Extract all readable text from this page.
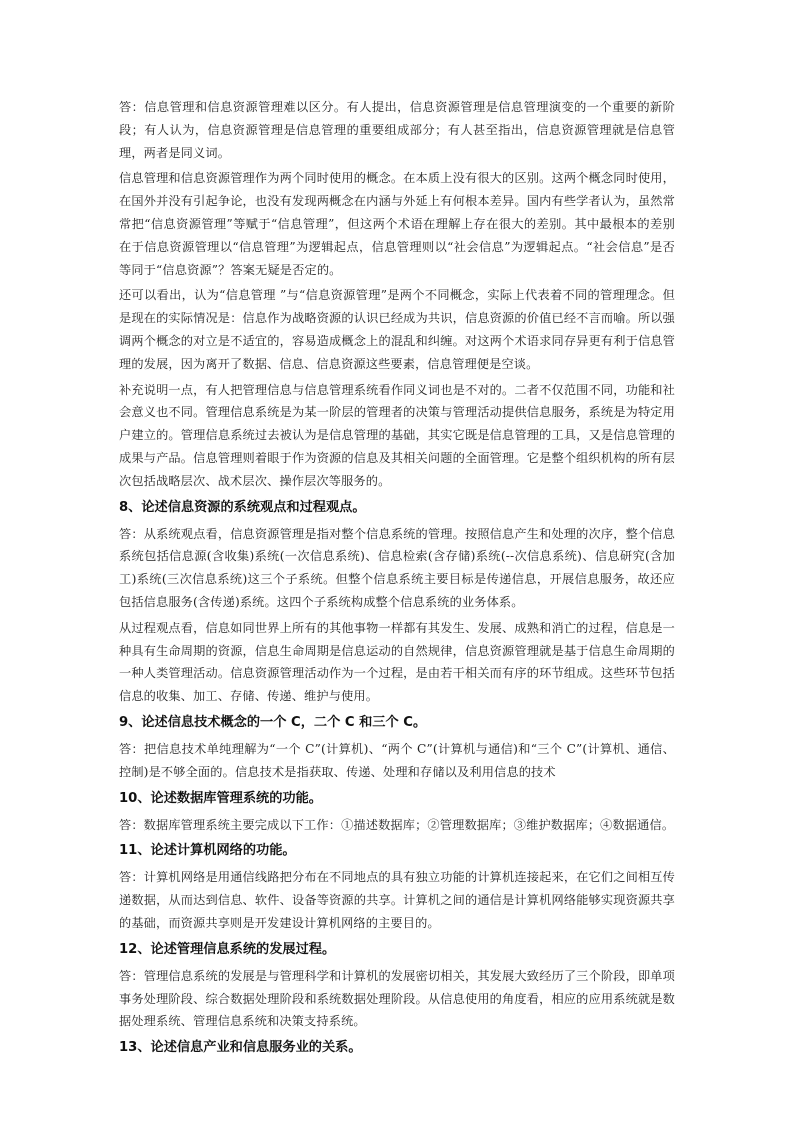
答：信息管理和信息资源管理难以区分。有人提出，信息资源管理是信息管理演变的一个重要的新阶段；有人认为，信息资源管理是信息管理的重要组成部分；有人甚至指出，信息资源管理就是信息管理，两者是同义词。

信息管理和信息资源管理作为两个同时使用的概念。在本质上没有很大的区别。这两个概念同时使用，在国外并没有引起争论，也没有发现两概念在内涵与外延上有何根本差异。国内有些学者认为，虽然常常把“信息资源管理”等赋于“信息管理”，但这两个术语在理解上存在很大的差别。其中最根本的差别在于信息资源管理以“信息管理”为逻辑起点，信息管理则以“社会信息”为逻辑起点。“社会信息”是否等同于“信息资源”？答案无疑是否定的。

还可以看出，认为“信息管理 ”与“信息资源管理”是两个不同概念，实际上代表着不同的管理理念。但是现在的实际情况是：信息作为战略资源的认识已经成为共识，信息资源的价值已经不言而喻。所以强调两个概念的对立是不适宜的，容易造成概念上的混乱和纠缠。对这两个术语求同存异更有利于信息管理的发展，因为离开了数据、信息、信息资源这些要素，信息管理便是空谈。

补充说明一点，有人把管理信息与信息管理系统看作同义词也是不对的。二者不仅范围不同，功能和社会意义也不同。管理信息系统是为某一阶层的管理者的决策与管理活动提供信息服务，系统是为特定用户建立的。管理信息系统过去被认为是信息管理的基础，其实它既是信息管理的工具，又是信息管理的成果与产品。信息管理则着眼于作为资源的信息及其相关问题的全面管理。它是整个组织机构的所有层次包括战略层次、战术层次、操作层次等服务的。

8、论述信息资源的系统观点和过程观点。

答：从系统观点看，信息资源管理是指对整个信息系统的管理。按照信息产生和处理的次序，整个信息系统包括信息源(含收集)系统(一次信息系统)、信息检索(含存储)系统(--次信息系统)、信息研究(含加工)系统(三次信息系统)这三个子系统。但整个信息系统主要目标是传递信息，开展信息服务，故还应包括信息服务(含传递)系统。这四个子系统构成整个信息系统的业务体系。

从过程观点看，信息如同世界上所有的其他事物一样都有其发生、发展、成熟和消亡的过程，信息是一种具有生命周期的资源，信息生命周期是信息运动的自然规律，信息资源管理就是基于信息生命周期的一种人类管理活动。信息资源管理活动作为一个过程，是由若干相关而有序的环节组成。这些环节包括信息的收集、加工、存储、传递、维护与使用。

9、论述信息技术概念的一个 C，二个 C 和三个 C。

答：把信息技术单纯理解为“一个 C”(计算机)、“两个 C”(计算机与通信)和“三个 C”(计算机、通信、控制)是不够全面的。信息技术是指获取、传递、处理和存储以及利用信息的技术

10、论述数据库管理系统的功能。

答：数据库管理系统主要完成以下工作：①描述数据库；②管理数据库；③维护数据库；④数据通信。

11、论述计算机网络的功能。

答：计算机网络是用通信线路把分布在不同地点的具有独立功能的计算机连接起来，在它们之间相互传递数据，从而达到信息、软件、设备等资源的共享。计算机之间的通信是计算机网络能够实现资源共享的基础，而资源共享则是开发建设计算机网络的主要目的。

12、论述管理信息系统的发展过程。

答：管理信息系统的发展是与管理科学和计算机的发展密切相关，其发展大致经历了三个阶段，即单项事务处理阶段、综合数据处理阶段和系统数据处理阶段。从信息使用的角度看，相应的应用系统就是数据处理系统、管理信息系统和决策支持系统。

13、论述信息产业和信息服务业的关系。
